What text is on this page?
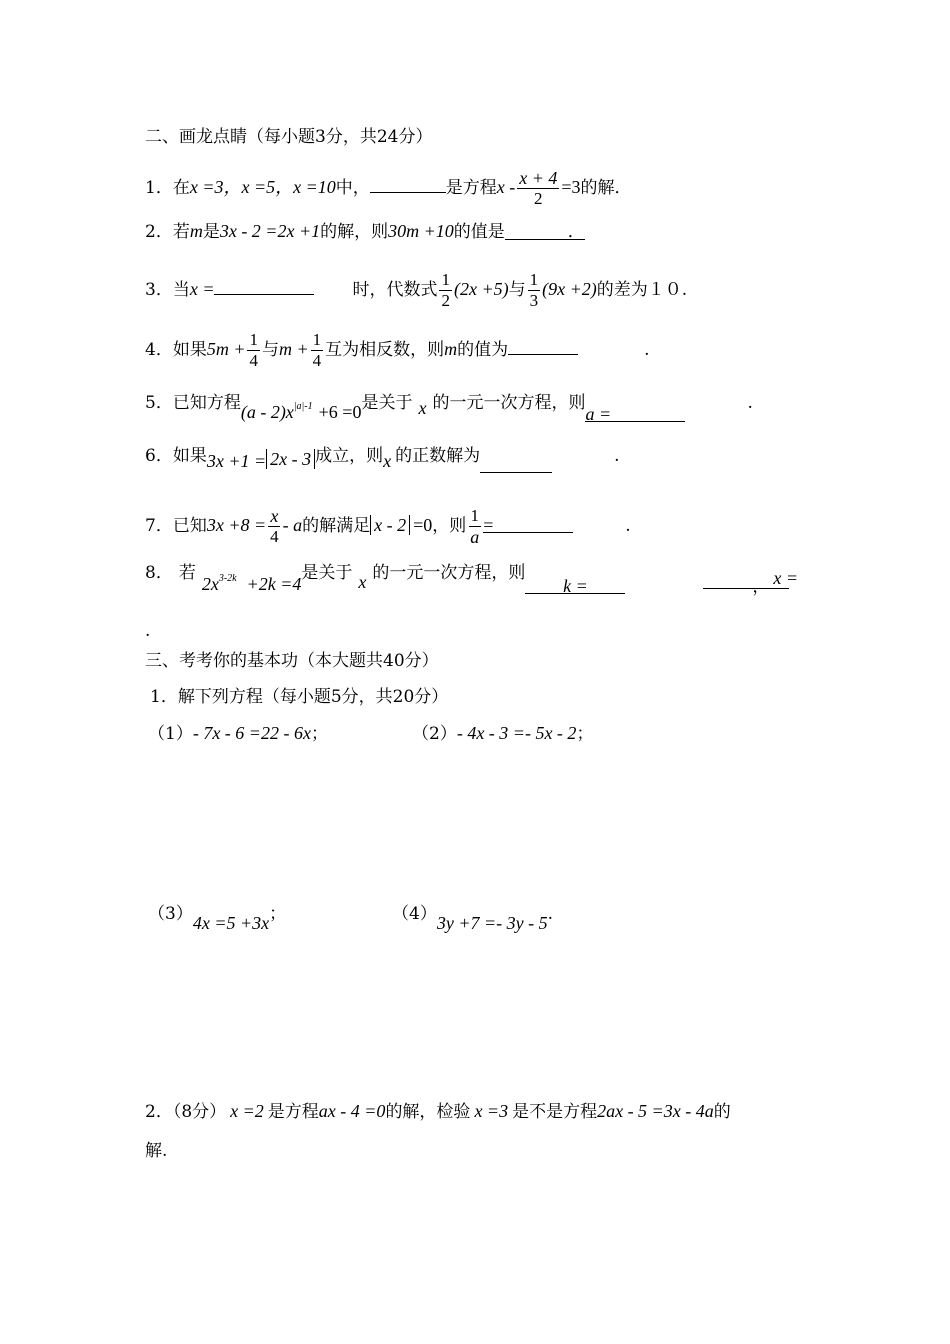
二、画龙点睛（每小题3分，共24分）
1．在x =3，x =5，x =10中，	是方程$x - \frac{x + 4}{2} =3$的解．
2．若m是3x - 2 =2x +1的解，则30m +10的值是	．
3．当x =	时，代数式 $\frac{1}{2} (2x +5)$与 $\frac{1}{3} (9x +2)$的差为１０.
4．如果$5m + \frac{1}{4}$ 与$m + \frac{1}{4}$ 互为相反数，则m的值为	.
5．已知方程$(a - 2)x^{|a|-1} +6 =0$是关于 x 的一元一次方程，则a =.
6．如果3x +1 = 2x - 3 成立，则x 的正数解为	.
7．已知$3x +8 = \frac{x}{4} - a$的解满足 x - 2 =0，则 $\frac{1}{a}$ =	.
8． 若$2x^{3-2k} +2k =4$是关于 x 的一元一次方程，则k =	， x =
.
三、考考你的基本功（本大题共40分）
1．解下列方程（每小题5分，共20分）
（1）- 7x - 6 =22 - 6x；	（2）- 4x - 3 =- 5x - 2；
（3）4x =5 +3x；	（4）3y +7 =- 3y - 5.
2．（8分） x =2 是方程ax - 4 =0的解，检验 x =3 是不是方程2ax - 5 =3x - 4a的
解.
